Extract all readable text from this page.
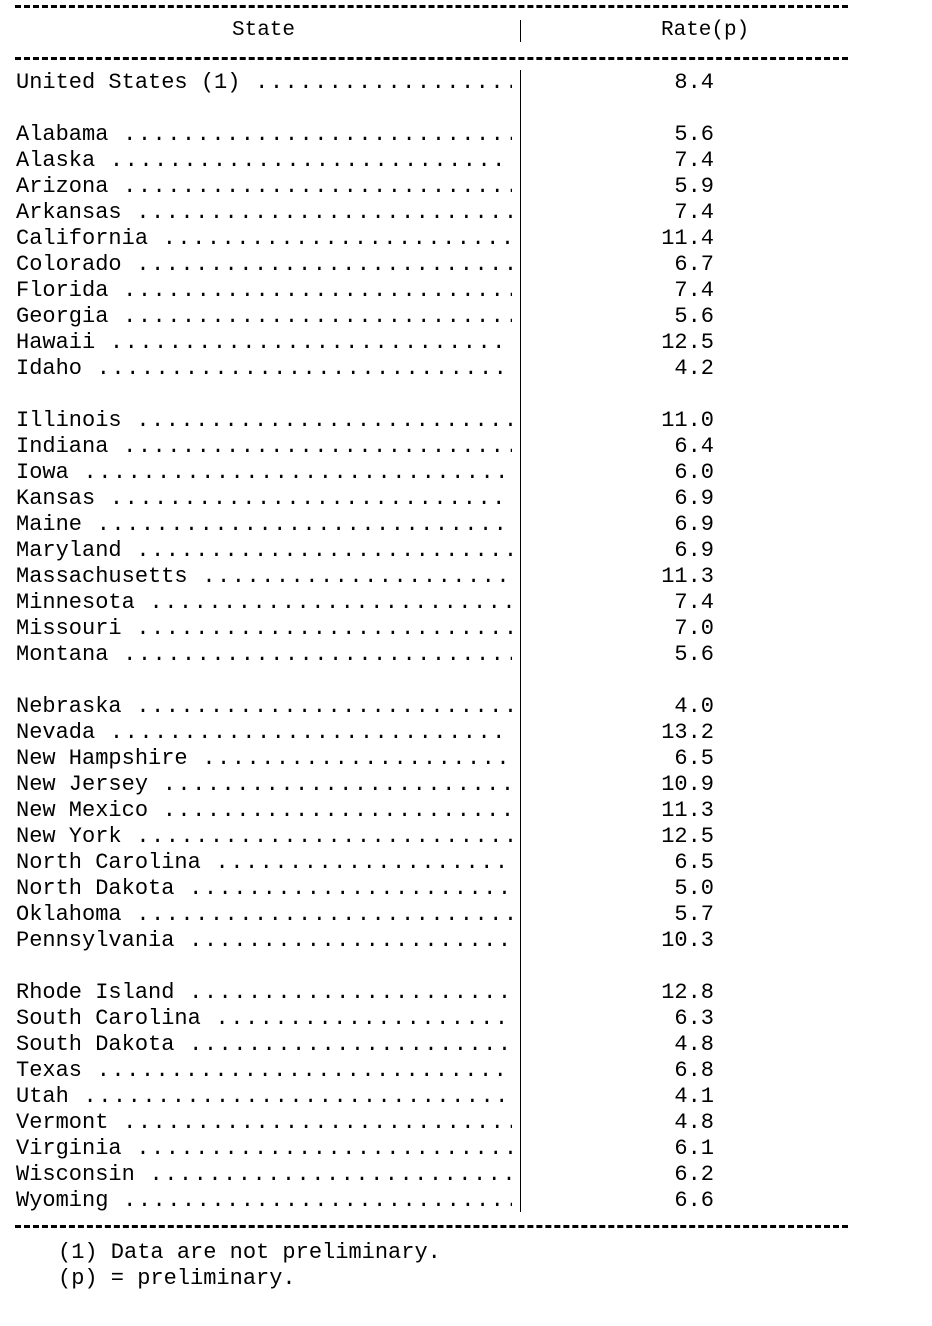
State	Rate(p)
United States (1) .....	8.4
Alabama .....	5.6
Alaska .....	7.4
Arizona .....	5.9
Arkansas .....	7.4
California .....	11.4
Colorado .....	6.7
Florida .....	7.4
Georgia .....	5.6
Hawaii .....	12.5
Idaho .....	4.2
Illinois .....	11.0
Indiana .....	6.4
Iowa .....	6.0
Kansas .....	6.9
Maine .....	6.9
Maryland .....	6.9
Massachusetts .....	11.3
Minnesota .....	7.4
Missouri .....	7.0
Montana .....	5.6
Nebraska .....	4.0
Nevada .....	13.2
New Hampshire .....	6.5
New Jersey .....	10.9
New Mexico .....	11.3
New York .....	12.5
North Carolina .....	6.5
North Dakota .....	5.0
Oklahoma .....	5.7
Pennsylvania .....	10.3
Rhode Island .....	12.8
South Carolina .....	6.3
South Dakota .....	4.8
Texas .....	6.8
Utah .....	4.1
Vermont .....	4.8
Virginia .....	6.1
Wisconsin .....	6.2
Wyoming .....	6.6
(1) Data are not preliminary.
(p) = preliminary.
